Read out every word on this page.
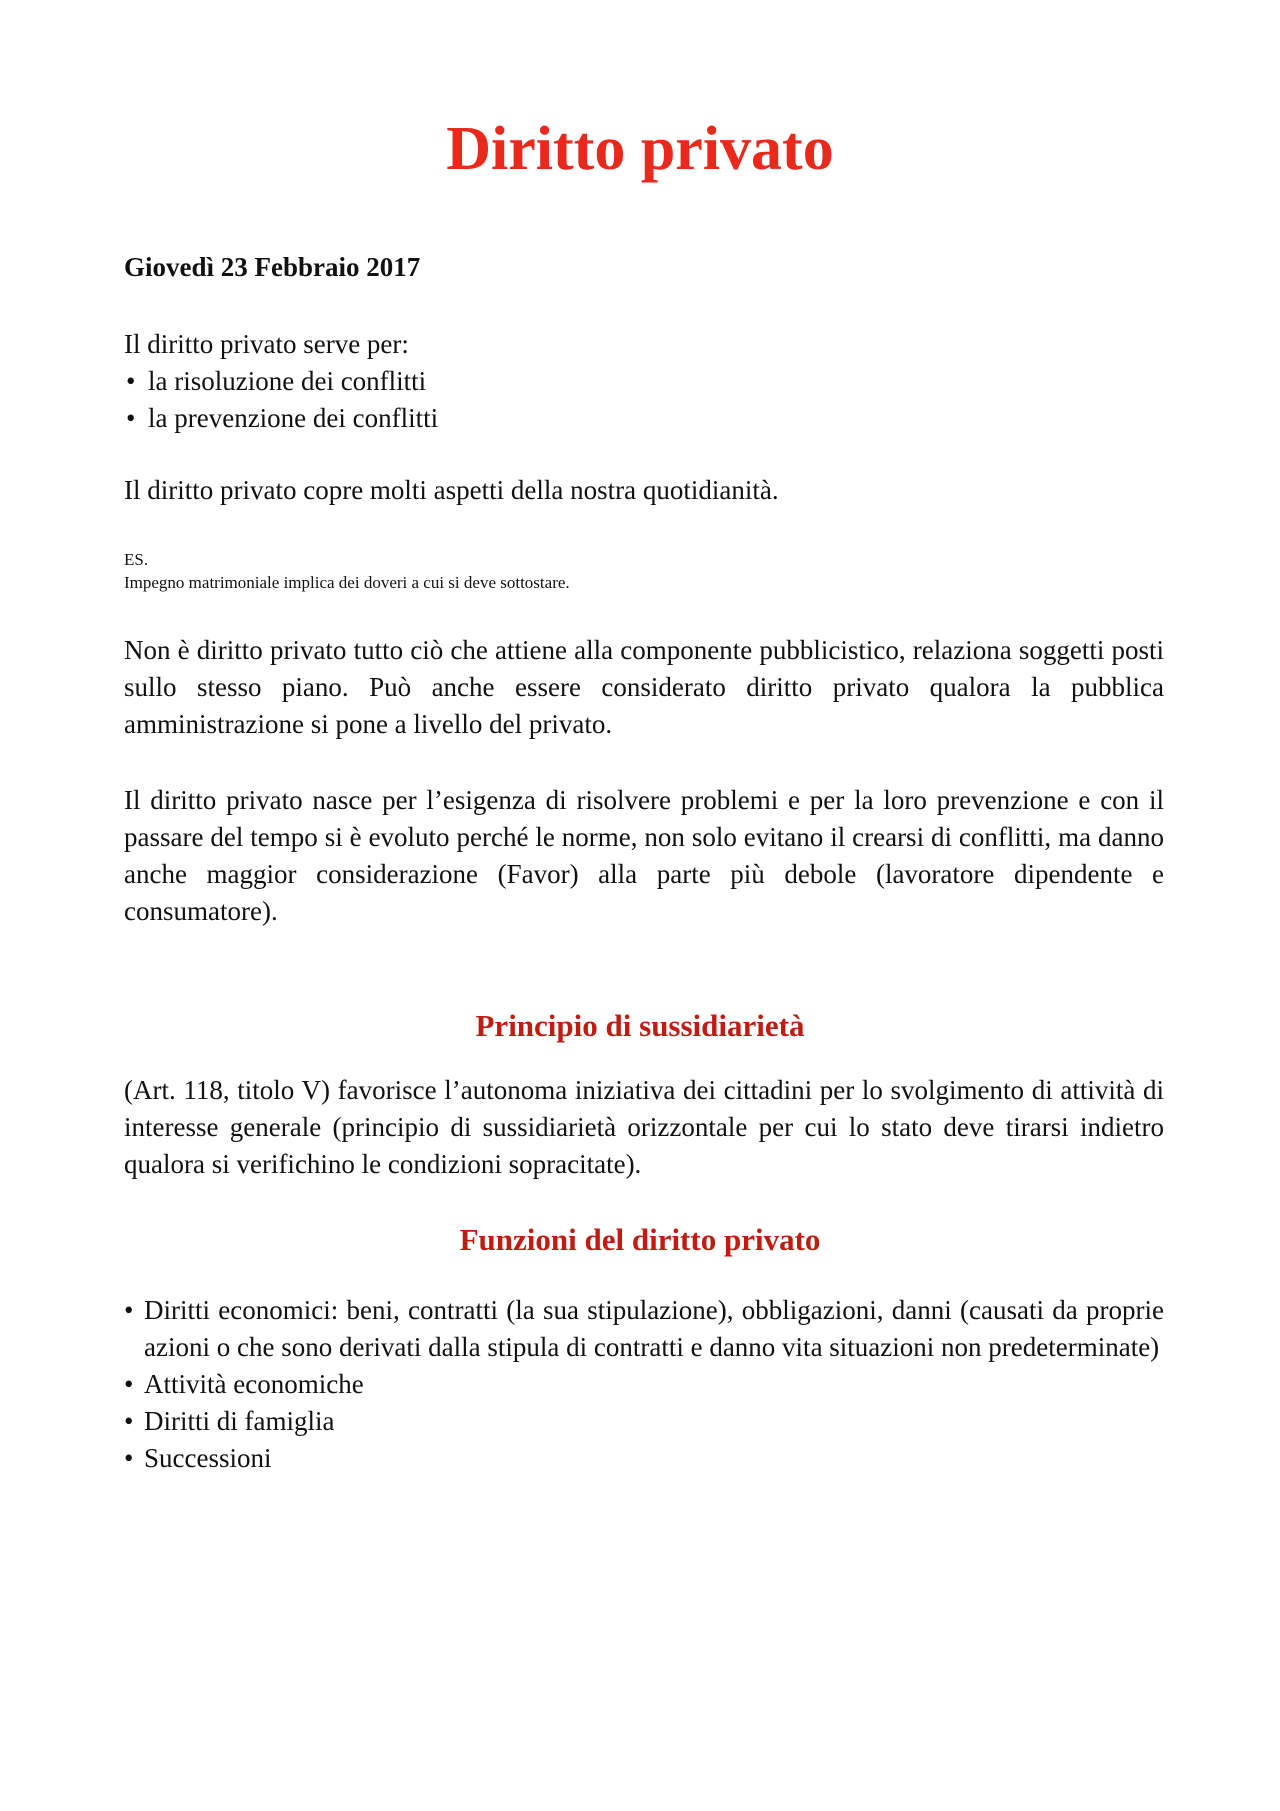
Diritto privato

Giovedì 23 Febbraio 2017

Il diritto privato serve per:
• la risoluzione dei conflitti
• la prevenzione dei conflitti

Il diritto privato copre molti aspetti della nostra quotidianità.

ES.
Impegno matrimoniale implica dei doveri a cui si deve sottostare.

Non è diritto privato tutto ciò che attiene alla componente pubblicistico, relaziona soggetti posti sullo stesso piano. Può anche essere considerato diritto privato qualora la pubblica amministrazione si pone a livello del privato.

Il diritto privato nasce per l’esigenza di risolvere problemi e per la loro prevenzione e con il passare del tempo si è evoluto perché le norme, non solo evitano il crearsi di conflitti, ma danno anche maggior considerazione (Favor) alla parte più debole (lavoratore dipendente e consumatore).

Principio di sussidiarietà

(Art. 118, titolo V) favorisce l’autonoma iniziativa dei cittadini per lo svolgimento di attività di interesse generale (principio di sussidiarietà orizzontale per cui lo stato deve tirarsi indietro qualora si verifichino le condizioni sopracitate).

Funzioni del diritto privato
• Diritti economici: beni, contratti (la sua stipulazione), obbligazioni, danni (causati da proprie azioni o che sono derivati dalla stipula di contratti e danno vita situazioni non predeterminate)
• Attività economiche
• Diritti di famiglia
• Successioni
